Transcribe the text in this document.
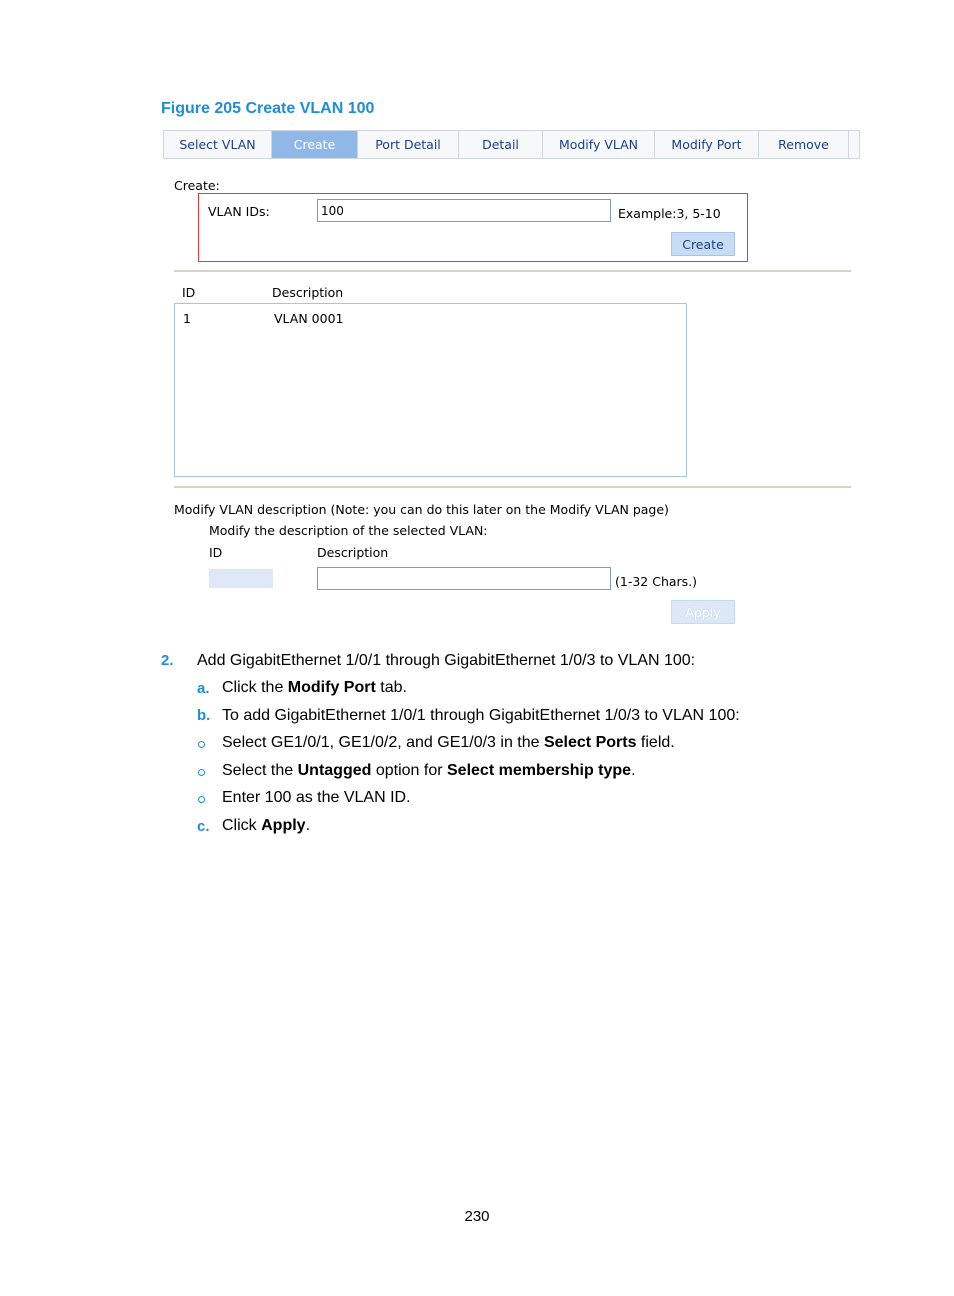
Figure 205 Create VLAN 100
Select VLAN	Create	Port Detail	Detail	Modify VLAN	Modify Port	Remove
Create:
VLAN IDs:
100	Example:3, 5-10
Create
ID	Description
1	VLAN 0001
Modify VLAN description (Note: you can do this later on the Modify VLAN page)
Modify the description of the selected VLAN:
ID	Description
(1-32 Chars.)
Apply
2. Add GigabitEthernet 1/0/1 through GigabitEthernet 1/0/3 to VLAN 100:
a. Click the Modify Port tab.
b. To add GigabitEthernet 1/0/1 through GigabitEthernet 1/0/3 to VLAN 100:
Select GE1/0/1, GE1/0/2, and GE1/0/3 in the Select Ports field.
Select the Untagged option for Select membership type.
Enter 100 as the VLAN ID.
c. Click Apply.
230
